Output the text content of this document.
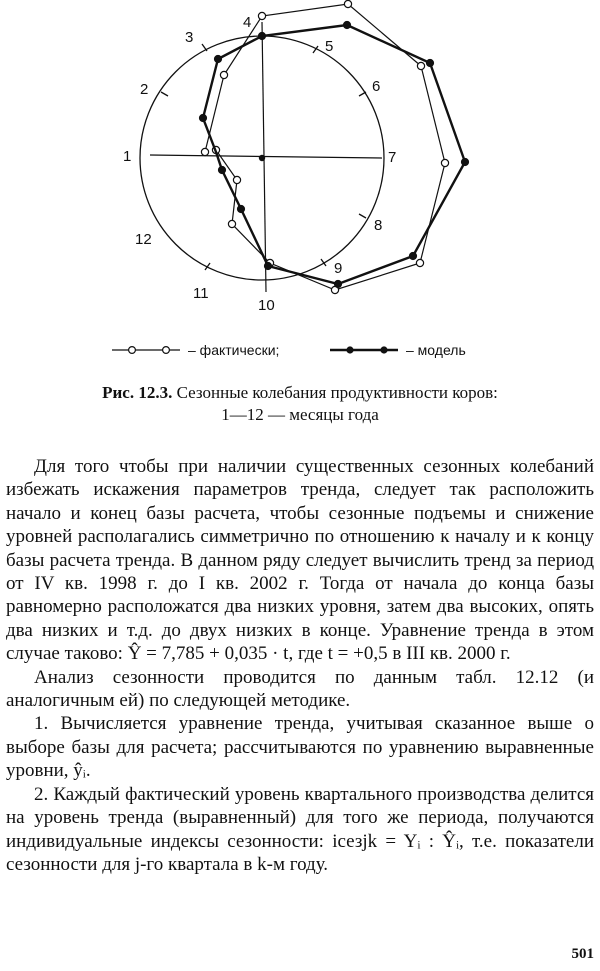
1
2
3
4
5
6
7
8
9
10
11
12
– фактически;	– модель
Рис. 12.3. Сезонные колебания продуктивности коров:
1—12 — месяцы года

Для того чтобы при наличии существенных сезонных колебаний избежать искажения параметров тренда, следует так расположить начало и конец базы расчета, чтобы сезонные подъемы и снижение уровней располагались симметрично по отношению к началу и к концу базы расчета тренда. В данном ряду следует вычислить тренд за период от IV кв. 1998 г. до I кв. 2002 г. Тогда от начала до конца базы равномерно расположатся два низких уровня, затем два высоких, опять два низких и т.д. до двух низких в конце. Уравнение тренда в этом случае таково: Ŷ = 7,785 + 0,035 · t, где t = +0,5 в III кв. 2000 г.

Анализ сезонности проводится по данным табл. 12.12 (и аналогичным ей) по следующей методике.

1. Вычисляется уравнение тренда, учитывая сказанное выше о выборе базы для расчета; рассчитываются по уравнению выравненные уровни, ŷᵢ.

2. Каждый фактический уровень квартального производства делится на уровень тренда (выравненный) для того же периода, получаются индивидуальные индексы сезонности: iсезjk = Yᵢ : Ŷᵢ, т.е. показатели сезонности для j-го квартала в k-м году.

501
